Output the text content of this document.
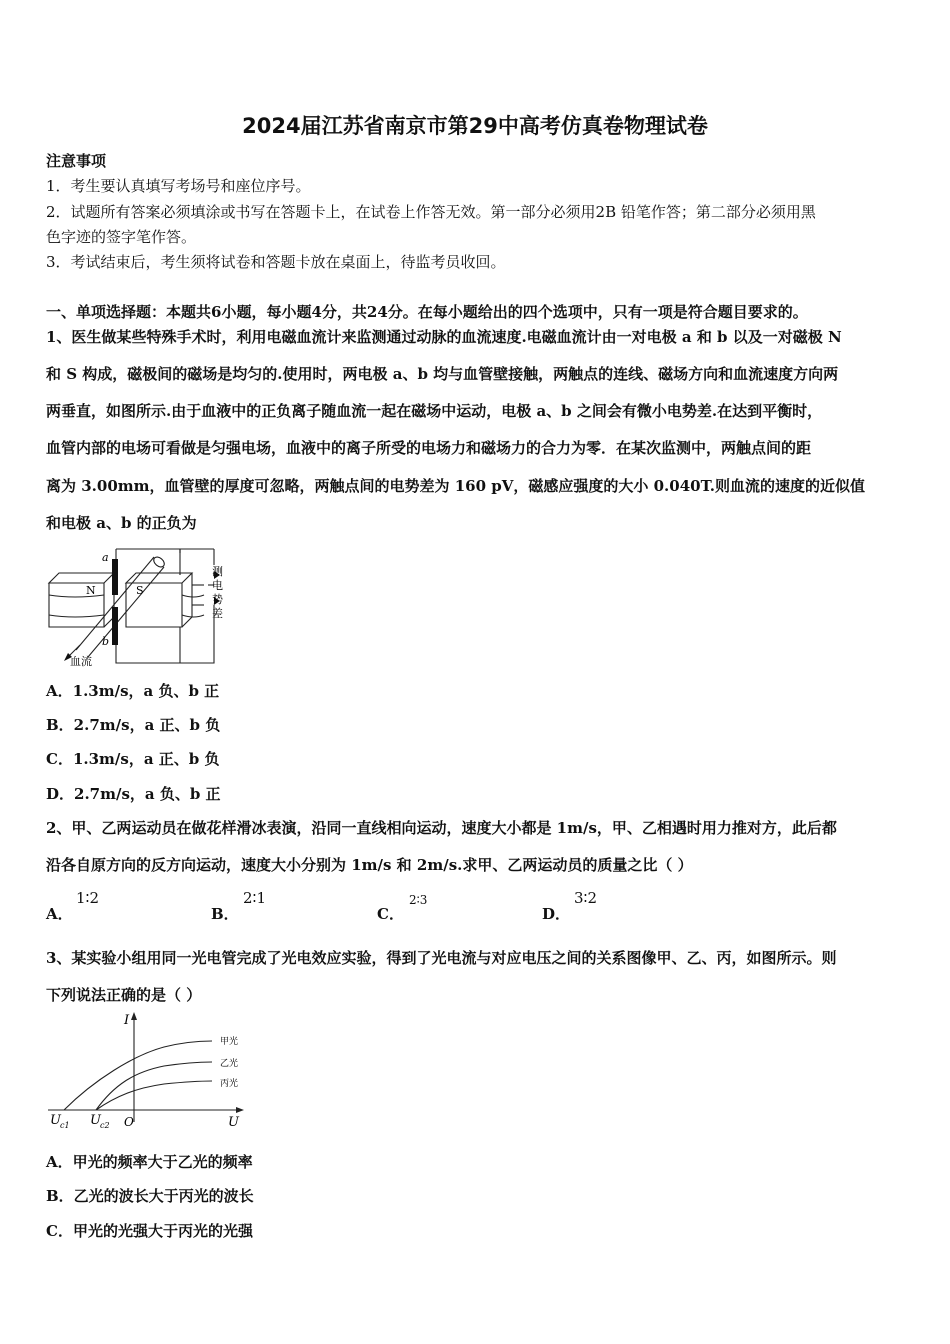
2024届江苏省南京市第29中高考仿真卷物理试卷
注意事项
1．考生要认真填写考场号和座位序号。
2．试题所有答案必须填涂或书写在答题卡上，在试卷上作答无效。第一部分必须用2B 铅笔作答；第二部分必须用黑
色字迹的签字笔作答。
3．考试结束后，考生须将试卷和答题卡放在桌面上，待监考员收回。
一、单项选择题：本题共6小题，每小题4分，共24分。在每小题给出的四个选项中，只有一项是符合题目要求的。
1、医生做某些特殊手术时，利用电磁血流计来监测通过动脉的血流速度.电磁血流计由一对电极 a 和 b 以及一对磁极 N
和 S 构成，磁极间的磁场是均匀的.使用时，两电极 a、b 均与血管壁接触，两触点的连线、磁场方向和血流速度方向两
两垂直，如图所示.由于血液中的正负离子随血流一起在磁场中运动，电极 a、b 之间会有微小电势差.在达到平衡时，
血管内部的电场可看做是匀强电场，血液中的离子所受的电场力和磁场力的合力为零．在某次监测中，两触点间的距
离为 3.00mm，血管壁的厚度可忽略，两触点间的电势差为 160 pV，磁感应强度的大小 0.040T.则血流的速度的近似值
和电极 a、b 的正负为
a
b
N	S
测
电
势
差
血流
A．1.3m/s，a 负、b 正
B．2.7m/s，a 正、b 负
C．1.3m/s，a 正、b 负
D．2.7m/s，a 负、b 正
2、甲、乙两运动员在做花样滑冰表演，沿同一直线相向运动，速度大小都是 1m/s，甲、乙相遇时用力推对方，此后都
沿各自原方向的反方向运动，速度大小分别为 1m/s 和 2m/s.求甲、乙两运动员的质量之比（ ）
A．
1∶2
B．
2∶1
C．
2∶3
D．
3∶2
3、某实验小组用同一光电管完成了光电效应实验，得到了光电流与对应电压之间的关系图像甲、乙、丙，如图所示。则
下列说法正确的是（ ）
I
U
O
U c1 U c2
甲光
乙光
丙光
A．甲光的频率大于乙光的频率
B．乙光的波长大于丙光的波长
C．甲光的光强大于丙光的光强
